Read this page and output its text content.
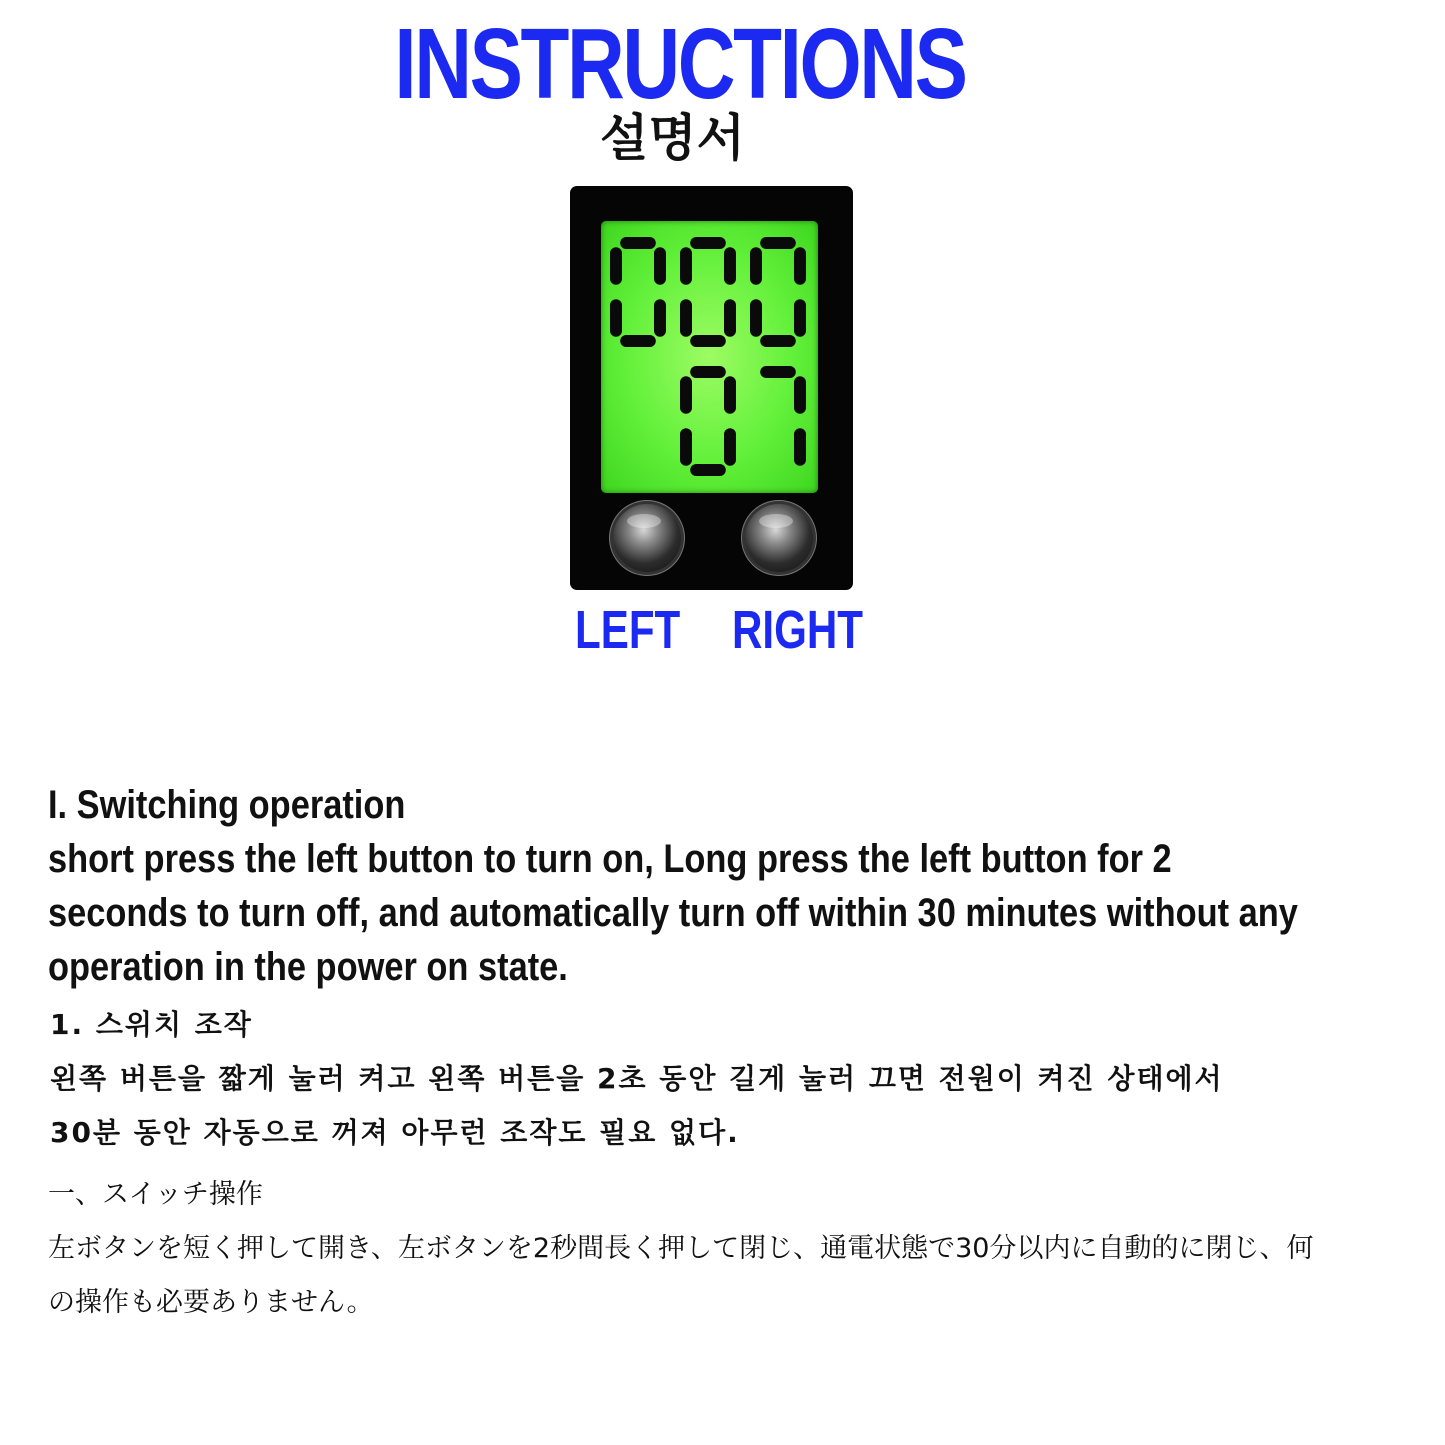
INSTRUCTIONS
설명서
LEFT RIGHT
I. Switching operation
short press the left button to turn on, Long press the left button for 2
seconds to turn off, and automatically turn off within 30 minutes without any
operation in the power on state.
1. 스위치 조작
왼쪽 버튼을 짧게 눌러 켜고 왼쪽 버튼을 2초 동안 길게 눌러 끄면 전원이 켜진 상태에서
30분 동안 자동으로 꺼져 아무런 조작도 필요 없다.
一、スイッチ操作
左ボタンを短く押して開き、左ボタンを2秒間長く押して閉じ、通電状態で30分以内に自動的に閉じ、何
の操作も必要ありません。
